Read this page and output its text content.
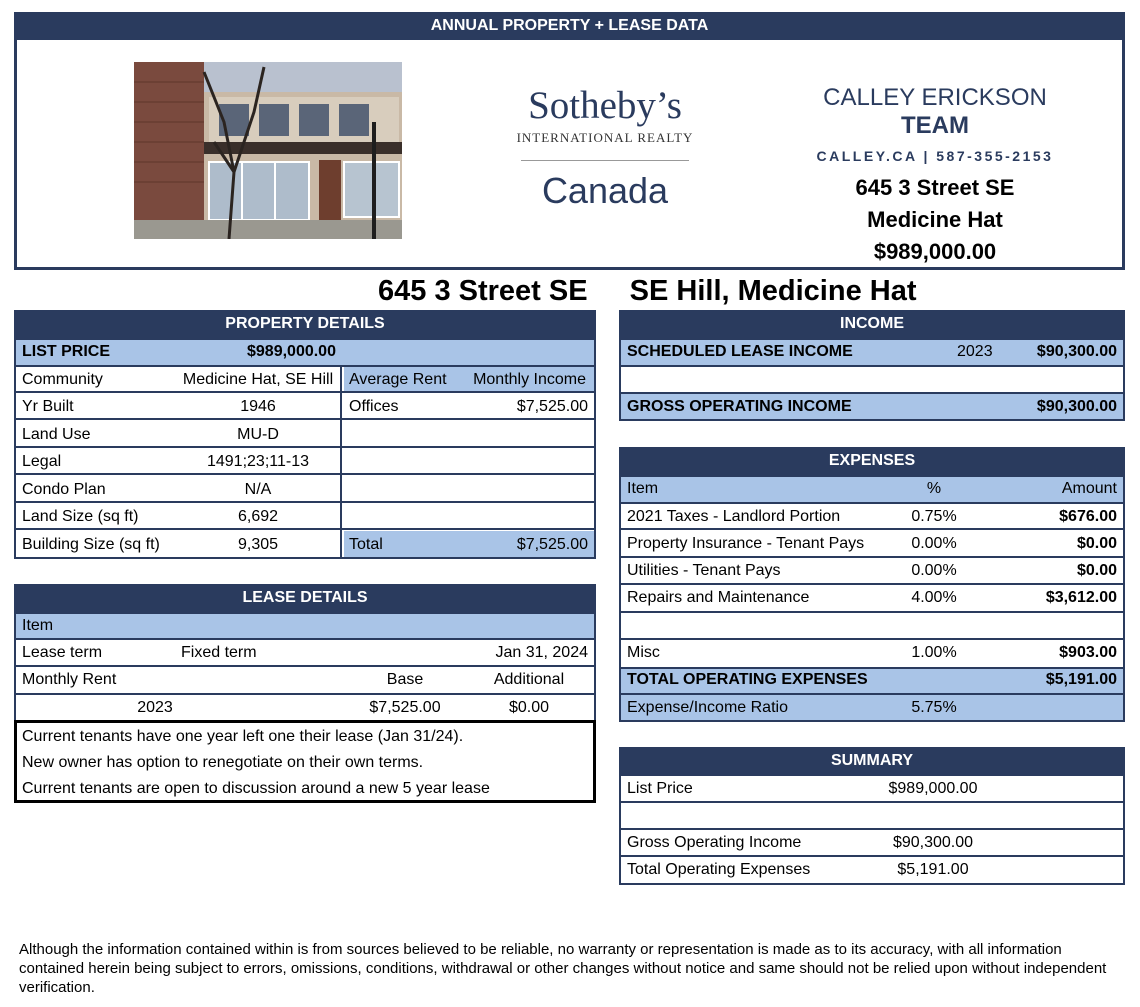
ANNUAL PROPERTY + LEASE DATA
Sotheby’s
INTERNATIONAL REALTY
Canada
CALLEY ERICKSON TEAM
CALLEY.CA | 587-355-2153
645 3 Street SE
Medicine Hat
$989,000.00
645 3 Street SE SE Hill, Medicine Hat
PROPERTY DETAILS
LIST PRICE	$989,000.00
Community	Medicine Hat, SE Hill
Yr Built	1946
Land Use	MU-D
Legal	1491;23;11-13
Condo Plan	N/A
Land Size (sq ft)	6,692
Building Size (sq ft)	9,305
Average Rent	Monthly Income
Offices	$7,525.00
Total	$7,525.00
LEASE DETAILS
Item
Lease term	Fixed term	Jan 31, 2024
Monthly Rent	Base	Additional
2023	$7,525.00	$0.00
Current tenants have one year left one their lease (Jan 31/24).
New owner has option to renegotiate on their own terms.
Current tenants are open to discussion around a new 5 year lease
INCOME
SCHEDULED LEASE INCOME	2023	$90,300.00
GROSS OPERATING INCOME	$90,300.00
EXPENSES
Item	%	Amount
2021 Taxes - Landlord Portion	0.75%	$676.00
Property Insurance - Tenant Pays	0.00%	$0.00
Utilities - Tenant Pays	0.00%	$0.00
Repairs and Maintenance	4.00%	$3,612.00
Misc	1.00%	$903.00
TOTAL OPERATING EXPENSES	$5,191.00
Expense/Income Ratio	5.75%
SUMMARY
List Price	$989,000.00
Gross Operating Income	$90,300.00
Total Operating Expenses	$5,191.00
Although the information contained within is from sources believed to be reliable, no warranty or representation is made as to its accuracy, with all information contained herein being subject to errors, omissions, conditions, withdrawal or other changes without notice and same should not be relied upon without independent verification.
